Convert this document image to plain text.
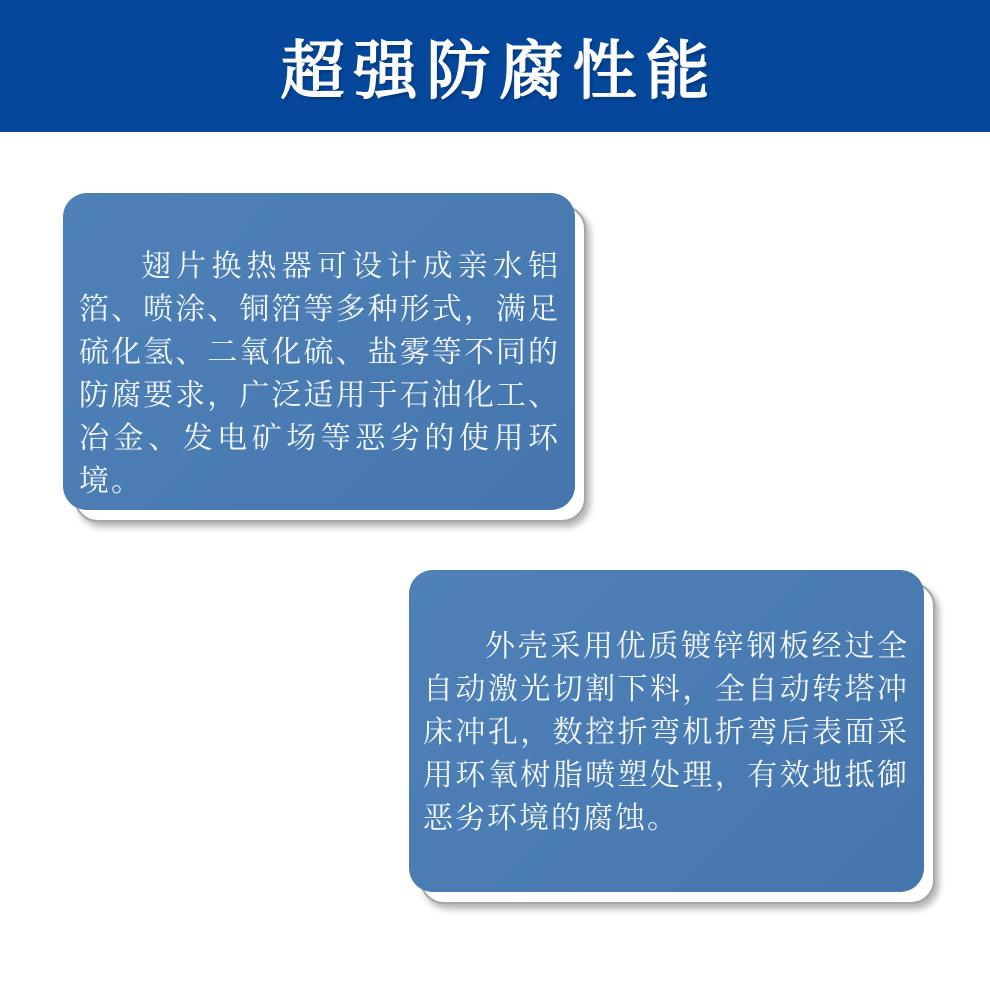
超强防腐性能

翅片换热器可设计成亲水铝箔、喷涂、铜箔等多种形式，满足硫化氢、二氧化硫、盐雾等不同的防腐要求，广泛适用于石油化工、冶金、发电矿场等恶劣的使用环境。

外壳采用优质镀锌钢板经过全自动激光切割下料，全自动转塔冲床冲孔，数控折弯机折弯后表面采用环氧树脂喷塑处理，有效地抵御恶劣环境的腐蚀。
